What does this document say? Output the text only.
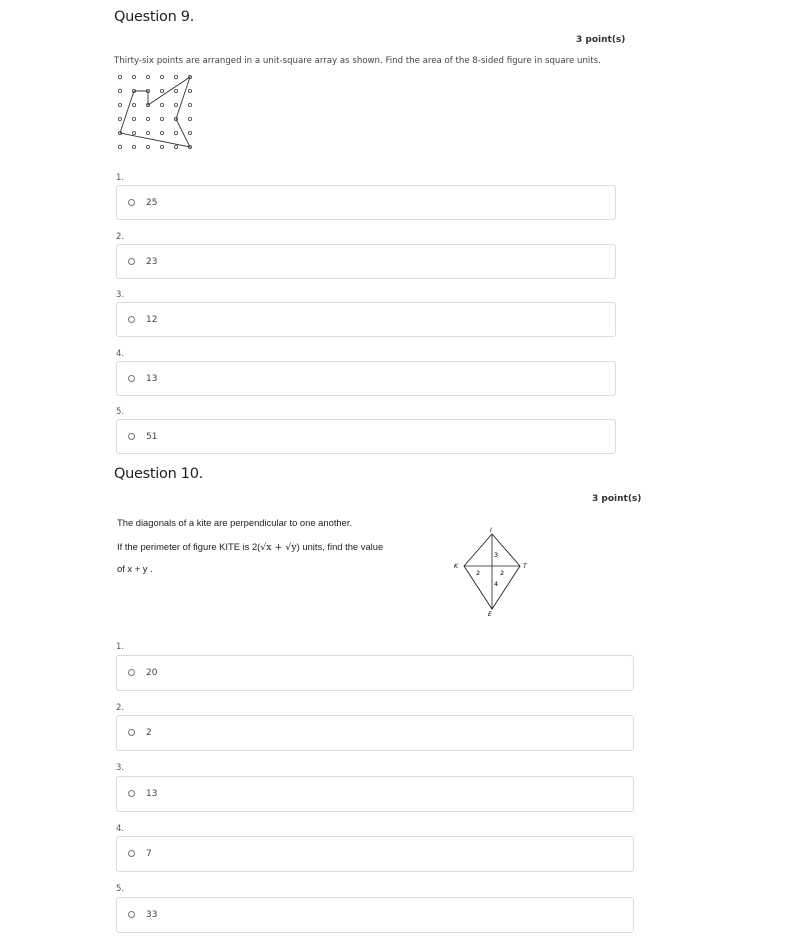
Question 9.
3 point(s)
Thirty-six points are arranged in a unit-square array as shown. Find the area of the 8-sided figure in square units.
1.
25
2.
23
3.
12
4.
13
5.
51
Question 10.
3 point(s)
The diagonals of a kite are perpendicular to one another.
If the perimeter of figure KITE is 2(√x + √y) units, find the value
of x + y .
I
K	T
E
2	2
3
4
1.
20
2.
2
3.
13
4.
7
5.
33
